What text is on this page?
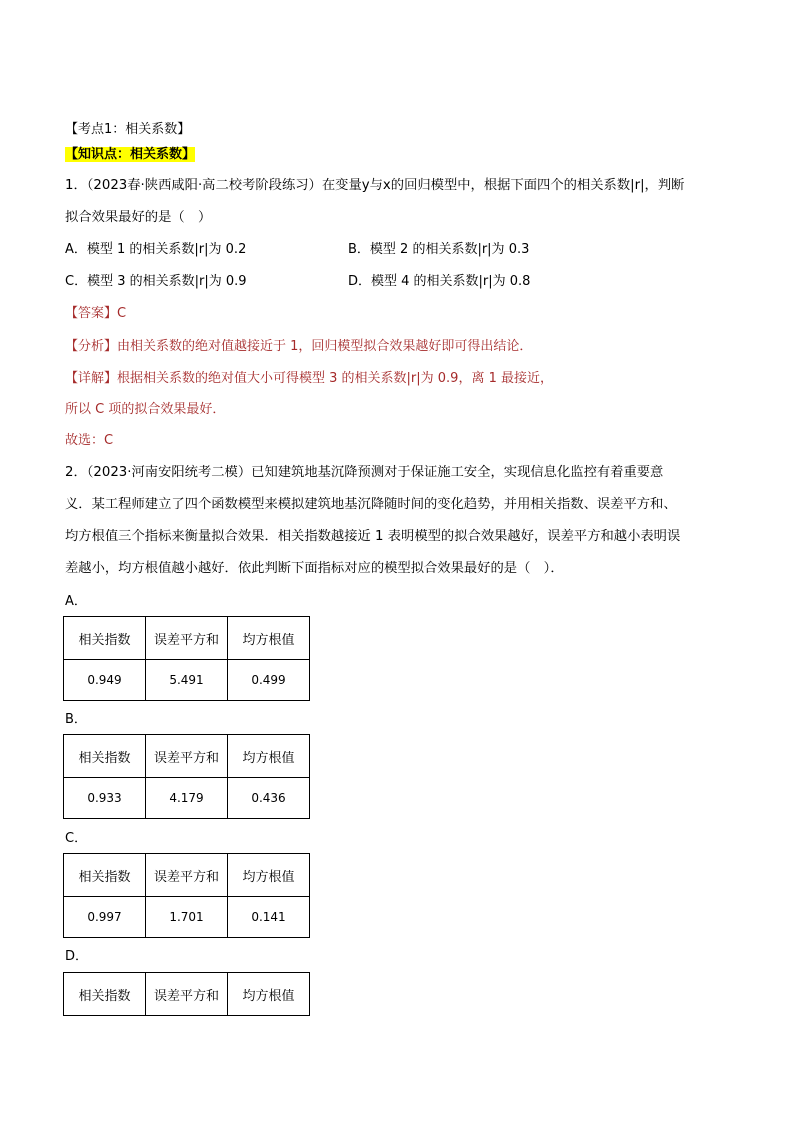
【考点1：相关系数】
【知识点：相关系数】
1．（2023春·陕西咸阳·高二校考阶段练习）在变量y与x的回归模型中，根据下面四个的相关系数|r|，判断
拟合效果最好的是（　）
A．模型 1 的相关系数|r|为 0.2	B．模型 2 的相关系数|r|为 0.3
C．模型 3 的相关系数|r|为 0.9	D．模型 4 的相关系数|r|为 0.8
【答案】C
【分析】由相关系数的绝对值越接近于 1，回归模型拟合效果越好即可得出结论．
【详解】根据相关系数的绝对值大小可得模型 3 的相关系数|r|为 0.9，离 1 最接近，
所以 C 项的拟合效果最好．
故选：C
2．（2023·河南安阳统考二模）已知建筑地基沉降预测对于保证施工安全，实现信息化监控有着重要意
义．某工程师建立了四个函数模型来模拟建筑地基沉降随时间的变化趋势，并用相关指数、误差平方和、
均方根值三个指标来衡量拟合效果．相关指数越接近 1 表明模型的拟合效果越好，误差平方和越小表明误
差越小，均方根值越小越好．依此判断下面指标对应的模型拟合效果最好的是（　）．
A．
相关指数	误差平方和	均方根值
0.949	5.491	0.499
B．
相关指数	误差平方和	均方根值
0.933	4.179	0.436
C．
相关指数	误差平方和	均方根值
0.997	1.701	0.141
D．
相关指数	误差平方和	均方根值
